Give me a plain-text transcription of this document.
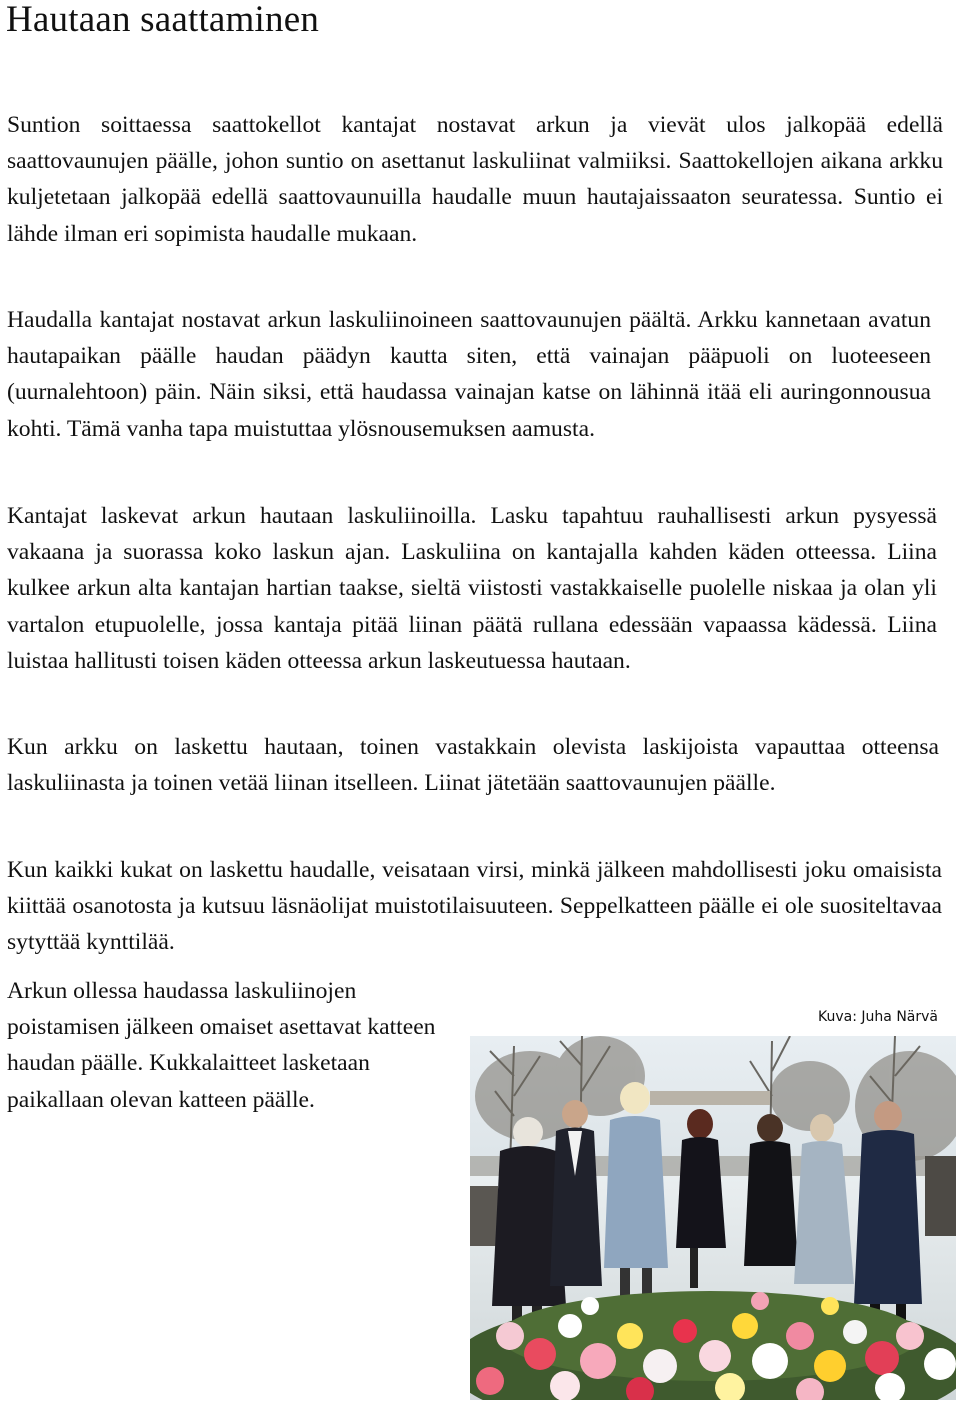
Hautaan saattaminen

Suntion soittaessa saattokellot kantajat nostavat arkun ja vievät ulos jalkopää edellä saattovaunujen päälle, johon suntio on asettanut laskuliinat valmiiksi. Saattokellojen aikana arkku kuljetetaan jalkopää edellä saattovaunuilla haudalle muun hautajaissaaton seuratessa. Suntio ei lähde ilman eri sopimista haudalle mukaan.

Haudalla kantajat nostavat arkun laskuliinoineen saattovaunujen päältä. Arkku kannetaan avatun hautapaikan päälle haudan päädyn kautta siten, että vainajan pääpuoli on luoteeseen (uurnalehtoon) päin. Näin siksi, että haudassa vainajan katse on lähinnä itää eli auringonnousua kohti. Tämä vanha tapa muistuttaa ylösnousemuksen aamusta.

Kantajat laskevat arkun hautaan laskuliinoilla. Lasku tapahtuu rauhallisesti arkun pysyessä vakaana ja suorassa koko laskun ajan. Laskuliina on kantajalla kahden käden otteessa. Liina kulkee arkun alta kantajan hartian taakse, sieltä viistosti vastakkaiselle puolelle niskaa ja olan yli vartalon etupuolelle, jossa kantaja pitää liinan päätä rullana edessään vapaassa kädessä. Liina luistaa hallitusti toisen käden otteessa arkun laskeutuessa hautaan.

Kun arkku on laskettu hautaan, toinen vastakkain olevista laskijoista vapauttaa otteensa laskuliinasta ja toinen vetää liinan itselleen. Liinat jätetään saattovaunujen päälle.

Kun kaikki kukat on laskettu haudalle, veisataan virsi, minkä jälkeen mahdollisesti joku omaisista kiittää osanotosta ja kutsuu läsnäolijat muistotilaisuuteen. Seppelkatteen päälle ei ole suositeltavaa sytyttää kynttilää.

Arkun ollessa haudassa laskuliinojen poistamisen jälkeen omaiset asettavat katteen haudan päälle. Kukkalaitteet lasketaan paikallaan olevan katteen päälle.

Kuva: Juha Närvä
